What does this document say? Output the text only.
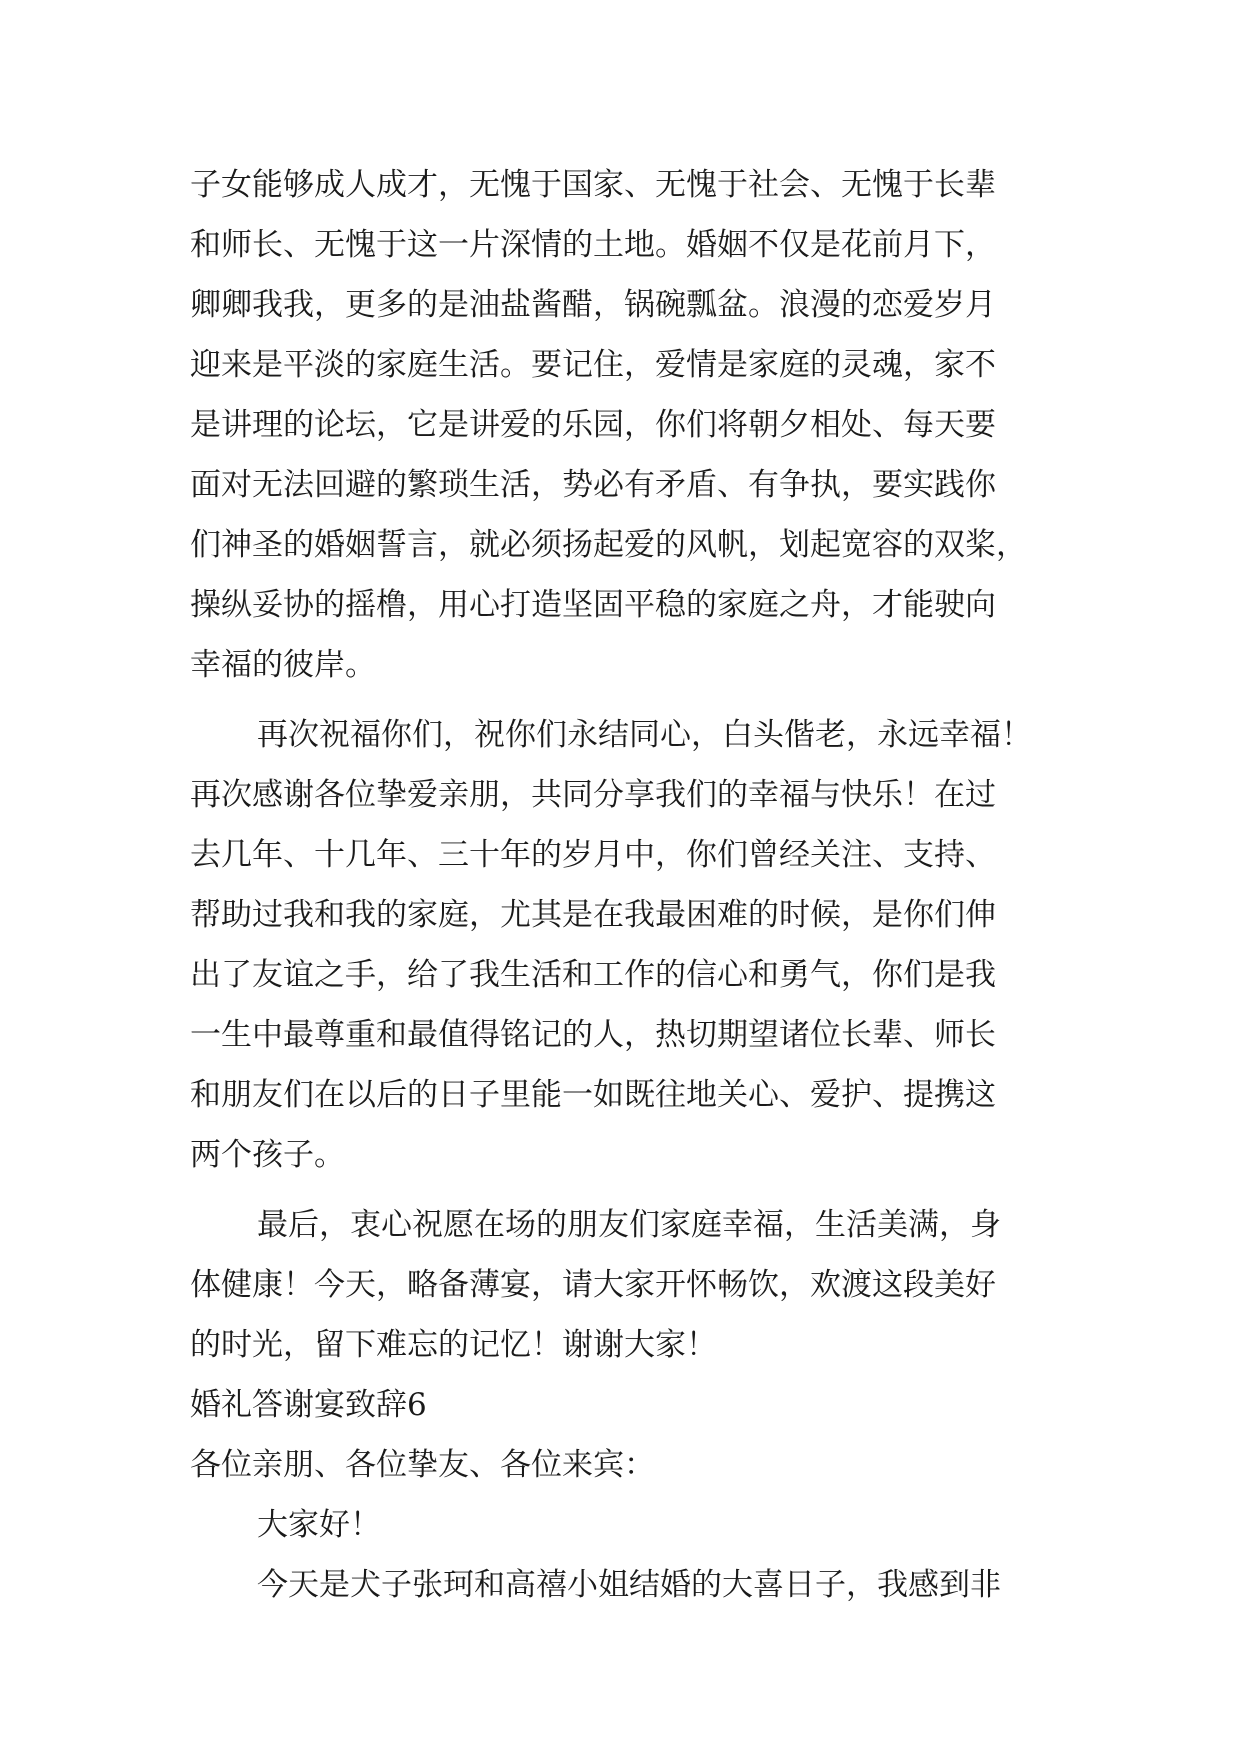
子女能够成人成才，无愧于国家、无愧于社会、无愧于长辈
和师长、无愧于这一片深情的土地。婚姻不仅是花前月下，
卿卿我我，更多的是油盐酱醋，锅碗瓢盆。浪漫的恋爱岁月
迎来是平淡的家庭生活。要记住，爱情是家庭的灵魂，家不
是讲理的论坛，它是讲爱的乐园，你们将朝夕相处、每天要
面对无法回避的繁琐生活，势必有矛盾、有争执，要实践你
们神圣的婚姻誓言，就必须扬起爱的风帆，划起宽容的双桨，
操纵妥协的摇橹，用心打造坚固平稳的家庭之舟，才能驶向
幸福的彼岸。
再次祝福你们，祝你们永结同心，白头偕老，永远幸福！
再次感谢各位挚爱亲朋，共同分享我们的幸福与快乐！在过
去几年、十几年、三十年的岁月中，你们曾经关注、支持、
帮助过我和我的家庭，尤其是在我最困难的时候，是你们伸
出了友谊之手，给了我生活和工作的信心和勇气，你们是我
一生中最尊重和最值得铭记的人，热切期望诸位长辈、师长
和朋友们在以后的日子里能一如既往地关心、爱护、提携这
两个孩子。
最后，衷心祝愿在场的朋友们家庭幸福，生活美满，身
体健康！今天，略备薄宴，请大家开怀畅饮，欢渡这段美好
的时光，留下难忘的记忆！谢谢大家！
婚礼答谢宴致辞6
各位亲朋、各位挚友、各位来宾：
大家好！
今天是犬子张珂和高禧小姐结婚的大喜日子，我感到非
